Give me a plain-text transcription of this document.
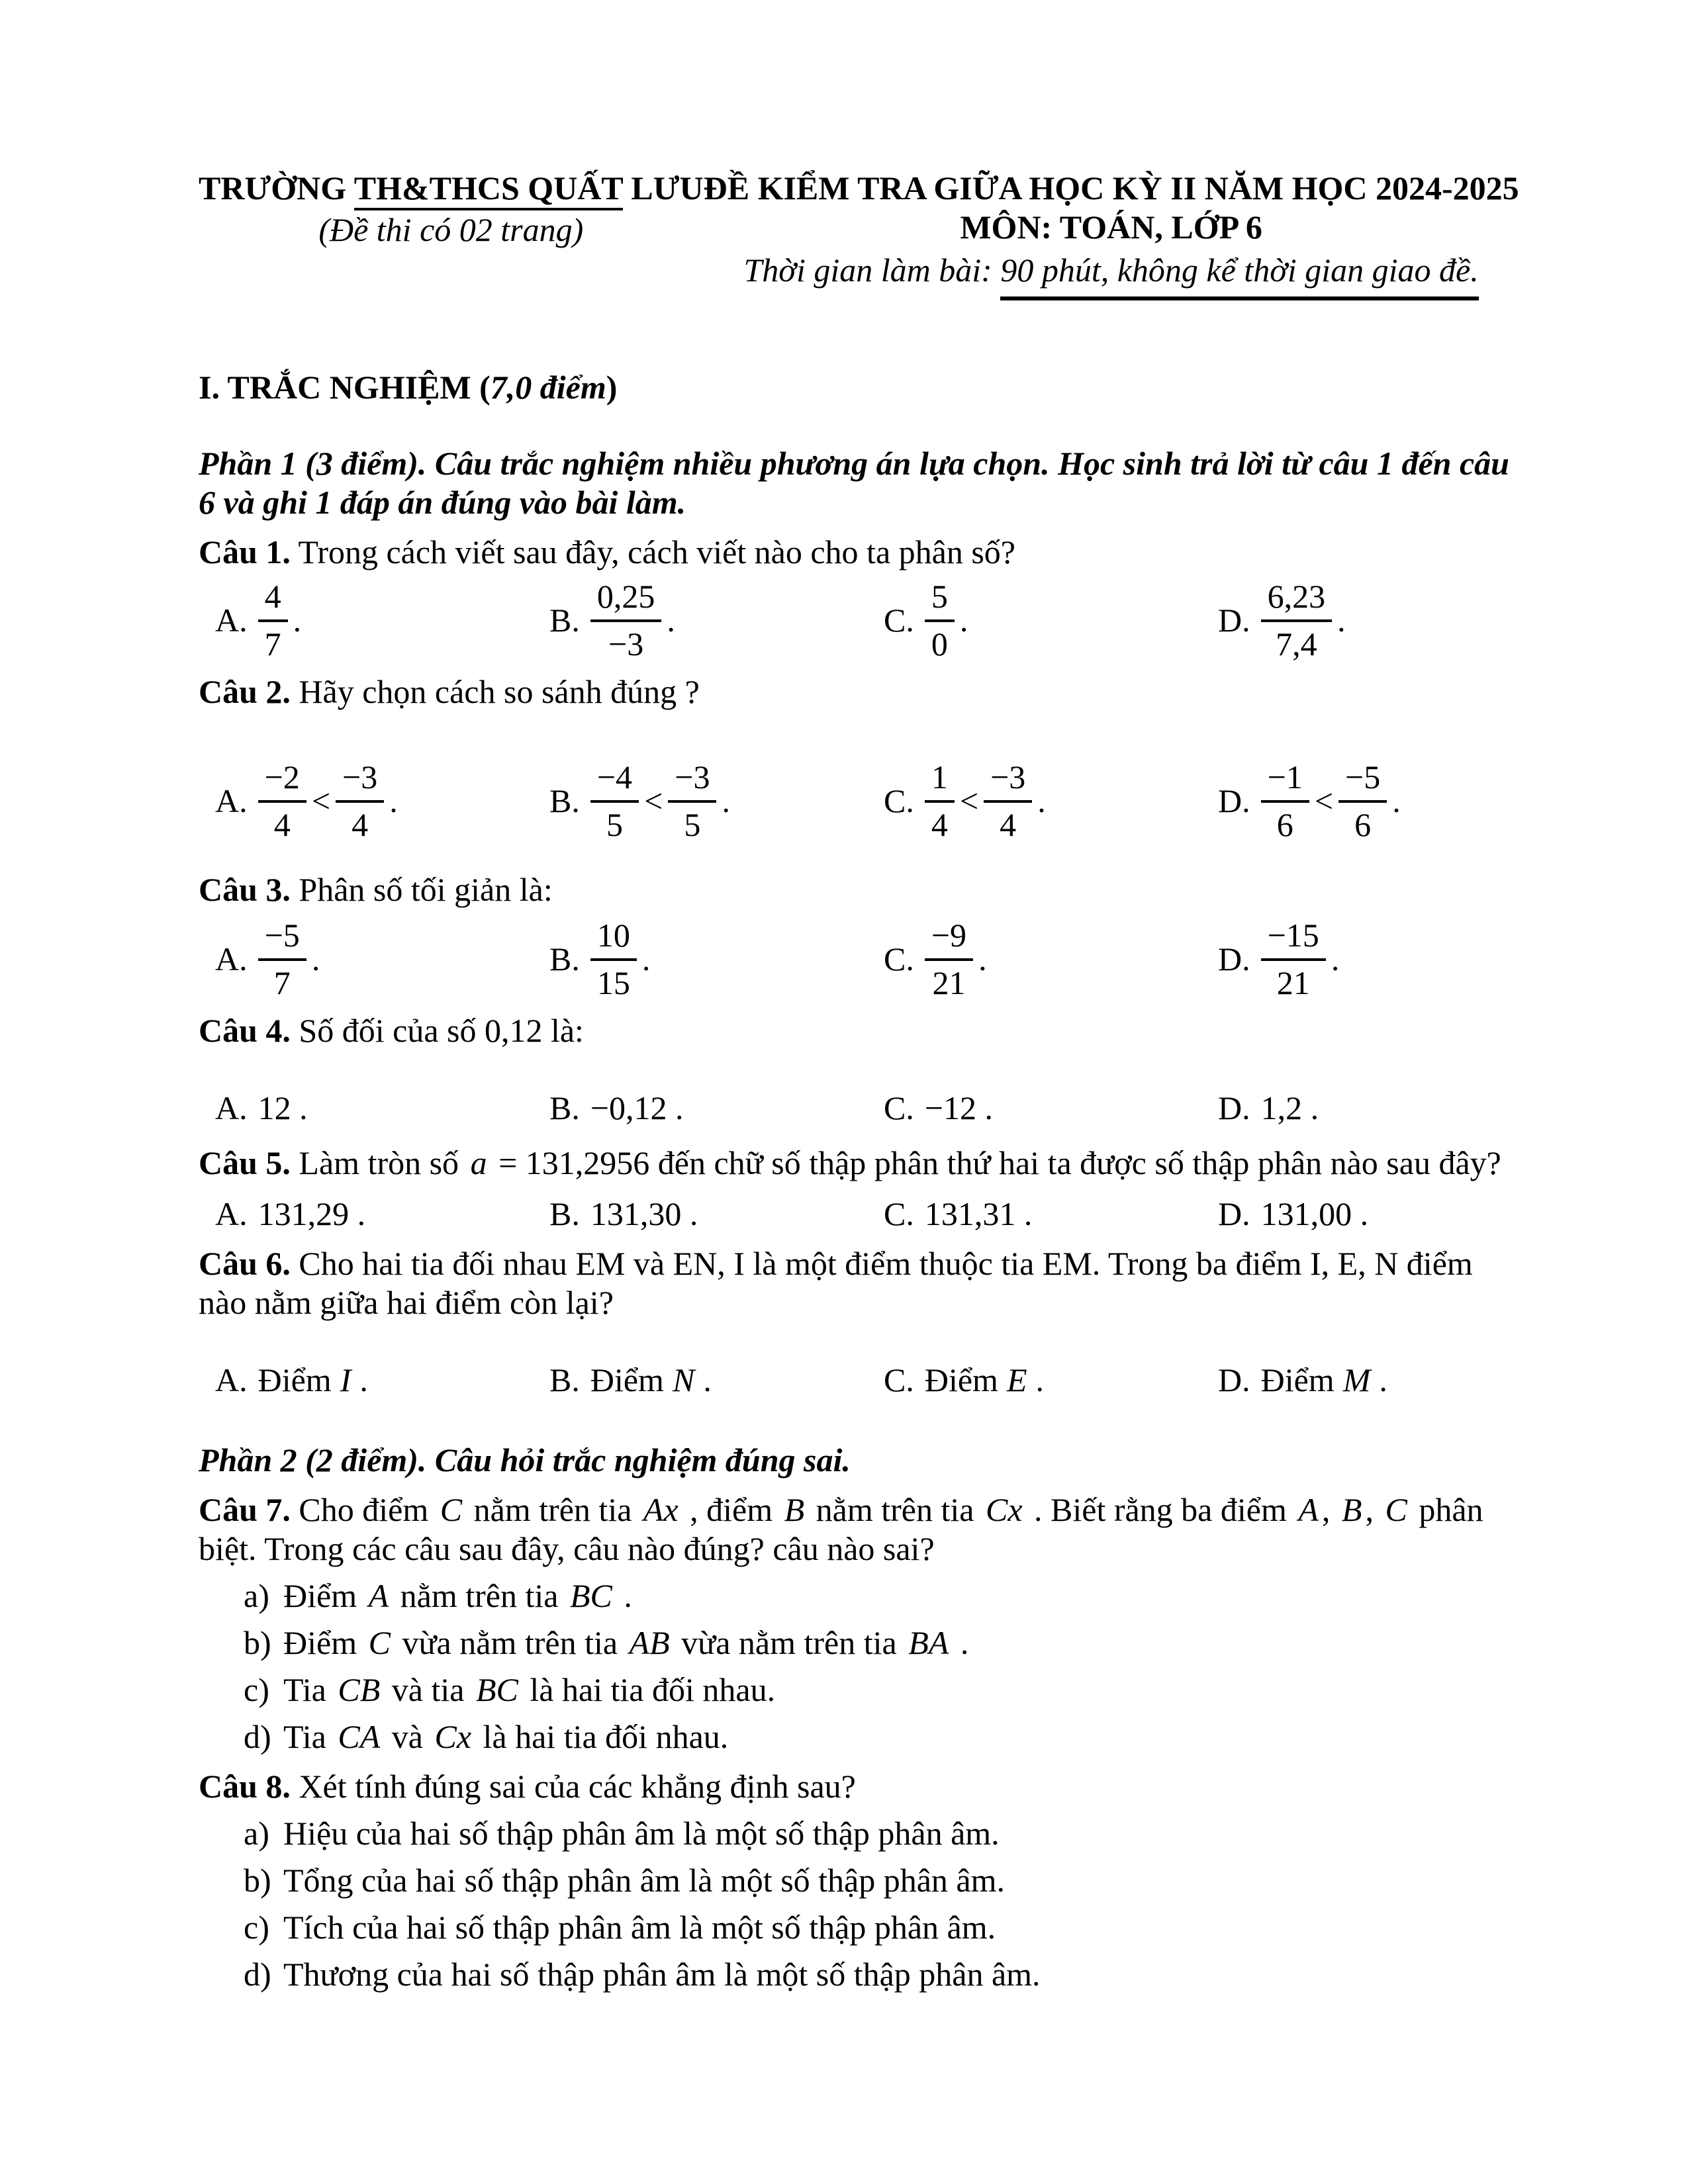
TRƯỜNG TH&THCS QUẤT LƯU
(Đề thi có 02 trang)
ĐỀ KIỂM TRA GIỮA HỌC KỲ II NĂM HỌC 2024-2025
MÔN: TOÁN, LỚP 6
Thời gian làm bài: 90 phút, không kể thời gian giao đề.
I. TRẮC NGHIỆM (7,0 điểm)
Phần 1 (3 điểm). Câu trắc nghiệm nhiều phương án lựa chọn. Học sinh trả lời từ câu 1 đến câu 6 và ghi 1 đáp án đúng vào bài làm.
Câu 1. Trong cách viết sau đây, cách viết nào cho ta phân số?
A. $\frac{4}{7}$ .	B. $\frac{0,25}{-3}$ .	C. $\frac{5}{0}$ .	D. $\frac{6,23}{7,4}$ .
Câu 2. Hãy chọn cách so sánh đúng ?
A. $\frac{-2}{4} < \frac{-3}{4}$ .	B. $\frac{-4}{5} < \frac{-3}{5}$ .	C. $\frac{1}{4} < \frac{-3}{4}$ .	D. $\frac{-1}{6} < \frac{-5}{6}$ .
Câu 3. Phân số tối giản là:
A. $\frac{-5}{7}$ .	B. $\frac{10}{15}$ .	C. $\frac{-9}{21}$ .	D. $\frac{-15}{21}$ .
Câu 4. Số đối của số 0,12 là:
A. 12 .	B. −0,12 .	C. −12 .	D. 1,2 .
Câu 5. Làm tròn số a = 131,2956 đến chữ số thập phân thứ hai ta được số thập phân nào sau đây?
A. 131,29 .	B. 131,30 .	C. 131,31 .	D. 131,00 .
Câu 6. Cho hai tia đối nhau EM và EN, I là một điểm thuộc tia EM. Trong ba điểm I, E, N điểm nào nằm giữa hai điểm còn lại?
A. Điểm I .	B. Điểm N .	C. Điểm E .	D. Điểm M .
Phần 2 (2 điểm). Câu hỏi trắc nghiệm đúng sai.
Câu 7. Cho điểm C nằm trên tia Ax , điểm B nằm trên tia Cx . Biết rằng ba điểm A , B , C phân biệt. Trong các câu sau đây, câu nào đúng? câu nào sai?
a) Điểm A nằm trên tia BC .
b) Điểm C vừa nằm trên tia AB vừa nằm trên tia BA .
c) Tia CB và tia BC là hai tia đối nhau.
d) Tia CA và Cx là hai tia đối nhau.
Câu 8. Xét tính đúng sai của các khẳng định sau?
a) Hiệu của hai số thập phân âm là một số thập phân âm.
b) Tổng của hai số thập phân âm là một số thập phân âm.
c) Tích của hai số thập phân âm là một số thập phân âm.
d) Thương của hai số thập phân âm là một số thập phân âm.
